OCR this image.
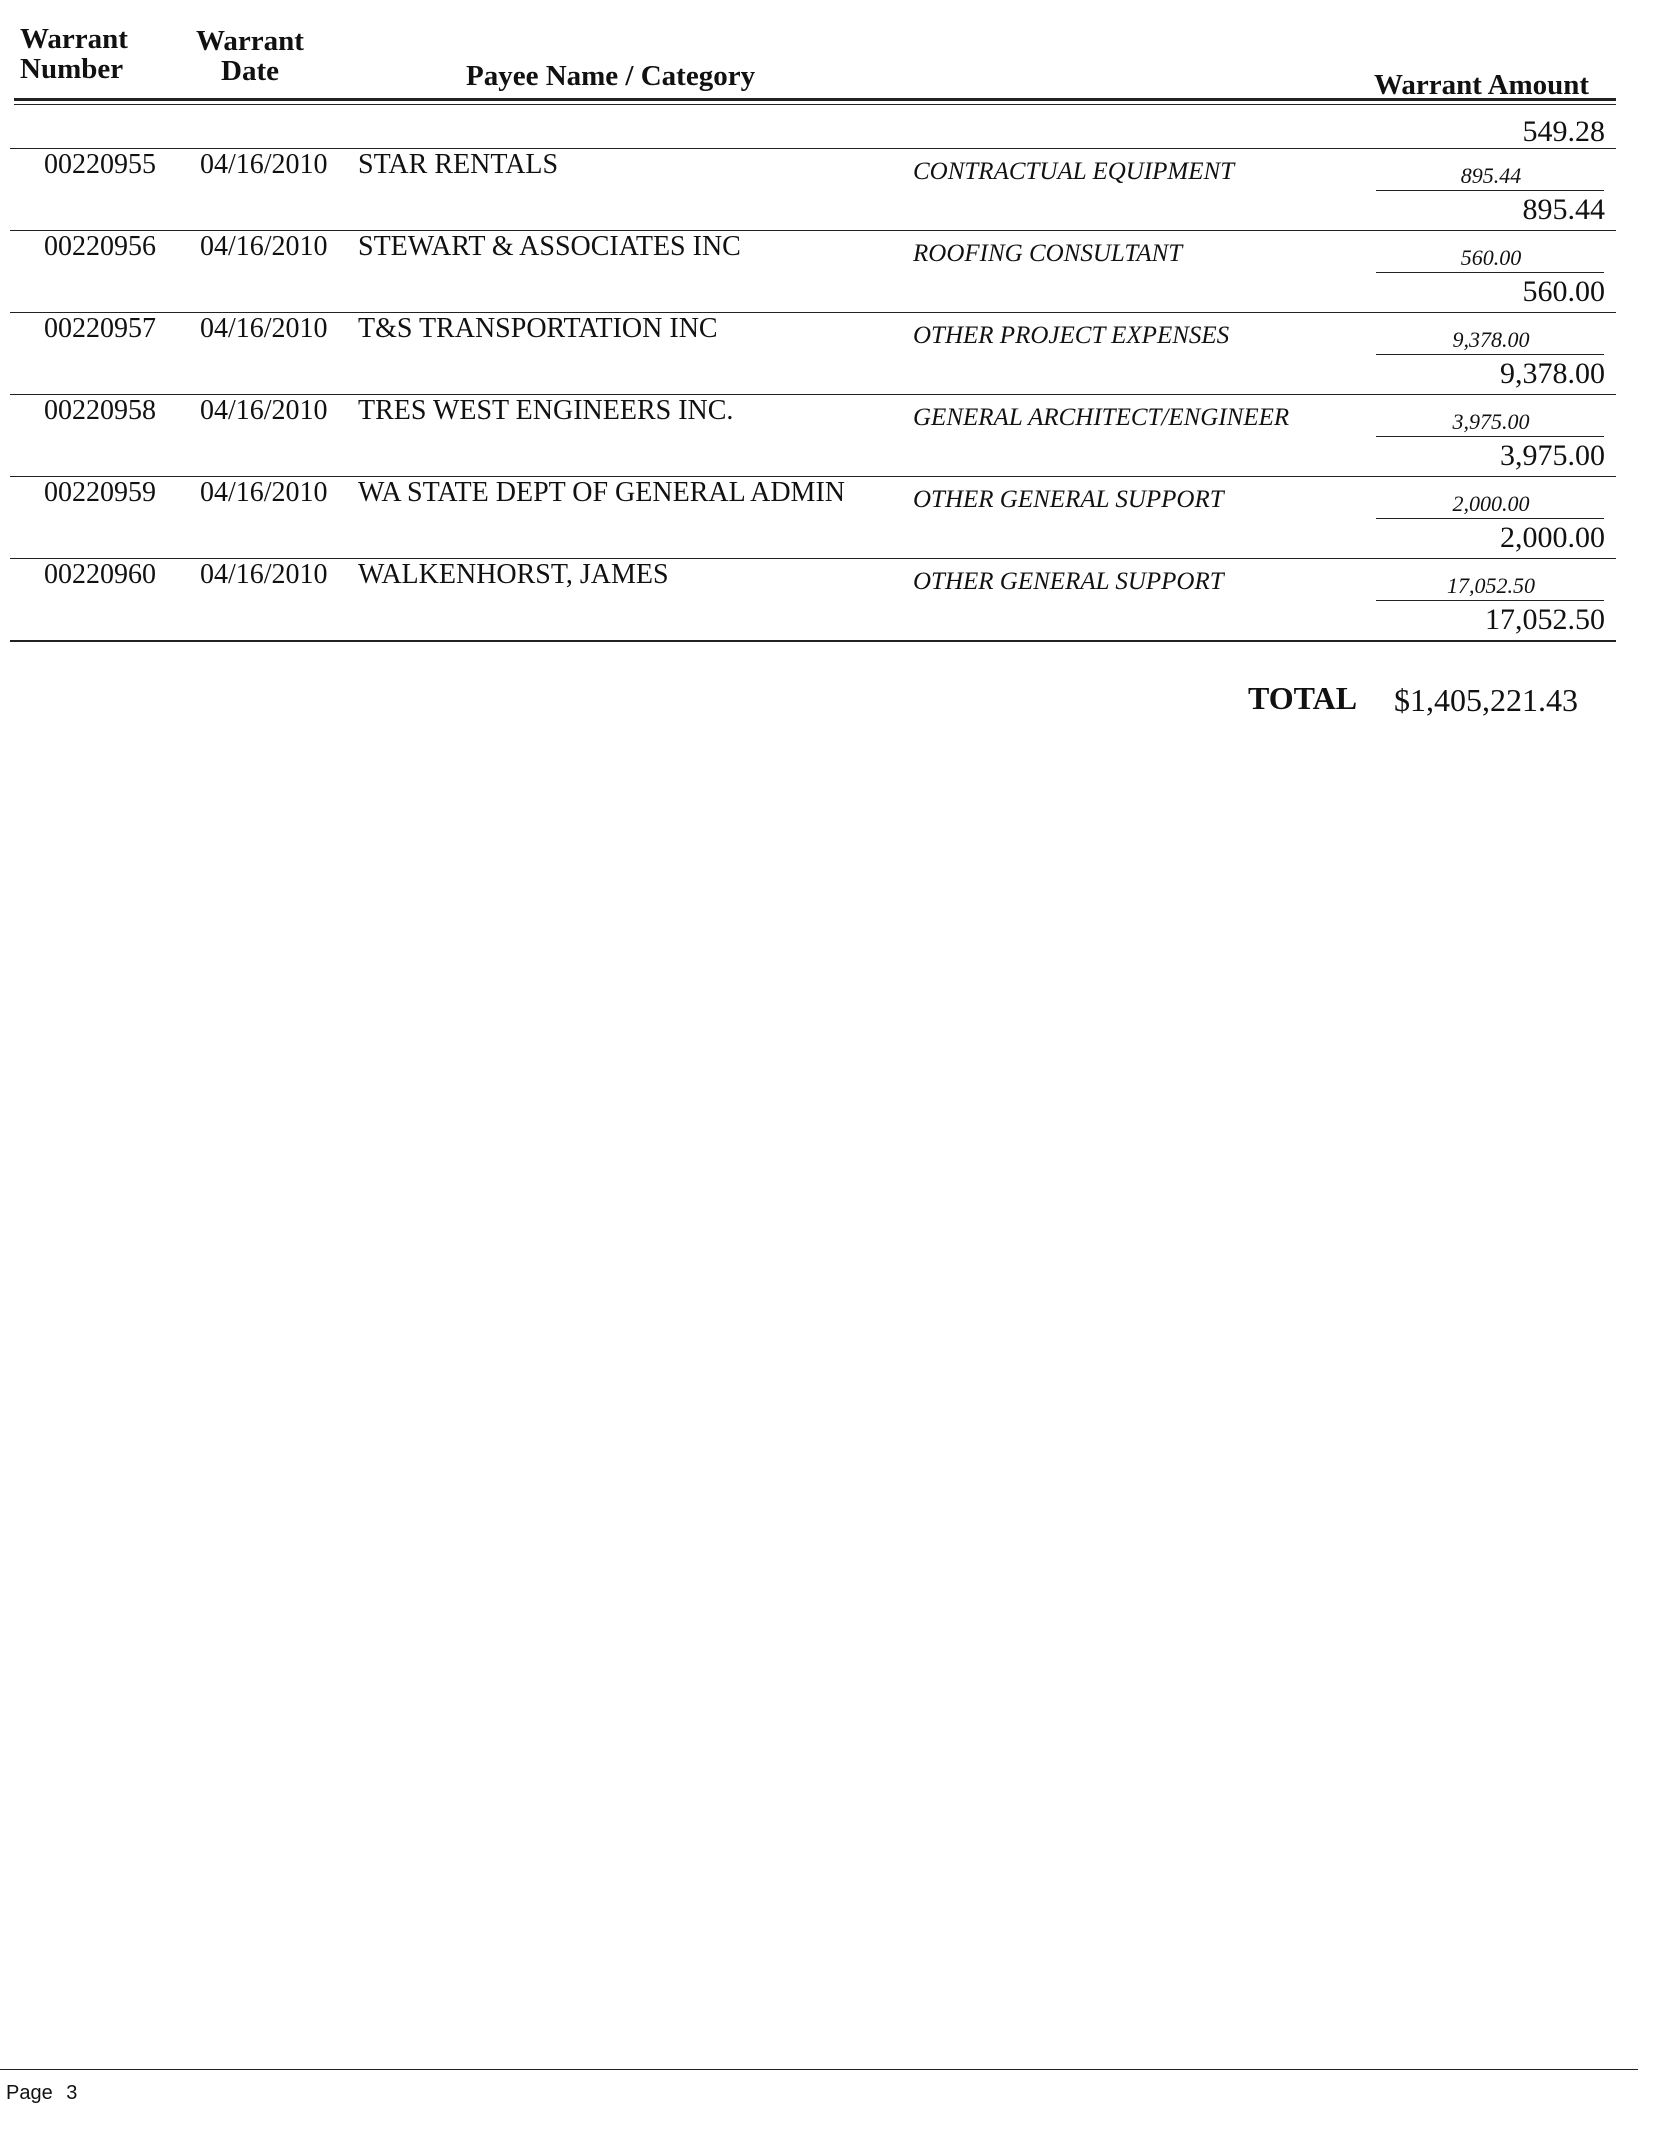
Warrant
Number
Warrant
Date	Payee Name / Category	Warrant Amount
549.28
00220955 04/16/2010 STAR RENTALS	CONTRACTUAL EQUIPMENT	895.44
895.44
00220956 04/16/2010 STEWART & ASSOCIATES INC	ROOFING CONSULTANT	560.00
560.00
00220957 04/16/2010 T&S TRANSPORTATION INC	OTHER PROJECT EXPENSES	9,378.00
9,378.00
00220958 04/16/2010 TRES WEST ENGINEERS INC.	GENERAL ARCHITECT/ENGINEER	3,975.00
3,975.00
00220959 04/16/2010 WA STATE DEPT OF GENERAL ADMIN	OTHER GENERAL SUPPORT	2,000.00
2,000.00
00220960 04/16/2010 WALKENHORST, JAMES	OTHER GENERAL SUPPORT	17,052.50
17,052.50
TOTAL $1,405,221.43
Page 3
